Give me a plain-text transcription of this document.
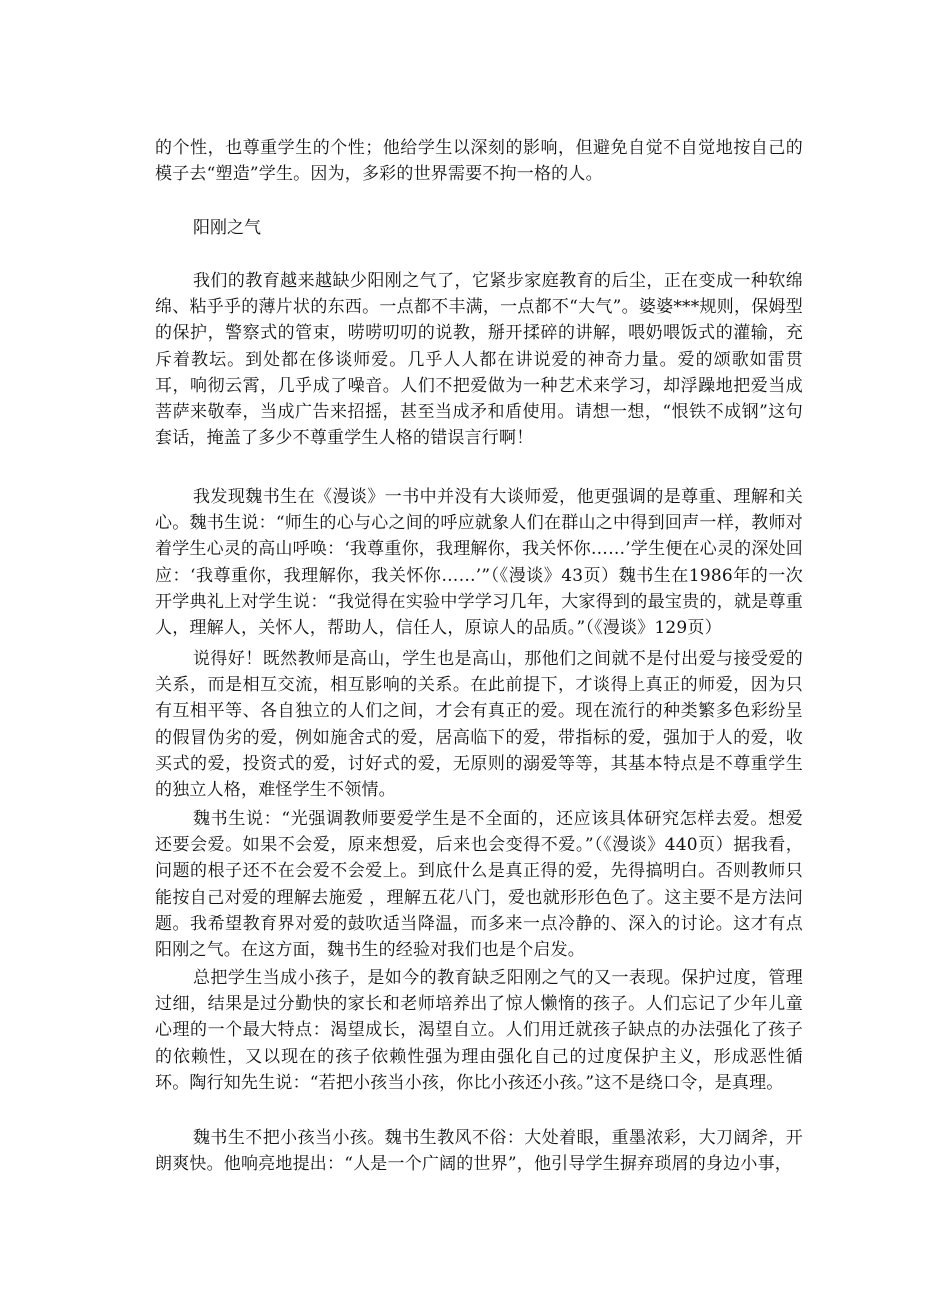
的个性，也尊重学生的个性；他给学生以深刻的影响，但避免自觉不自觉地按自己的模子去“塑造”学生。因为，多彩的世界需要不拘一格的人。

阳刚之气

我们的教育越来越缺少阳刚之气了，它紧步家庭教育的后尘，正在变成一种软绵绵、粘乎乎的薄片状的东西。一点都不丰满，一点都不“大气”。婆婆***规则，保姆型的保护，警察式的管束，唠唠叨叨的说教，掰开揉碎的讲解，喂奶喂饭式的灌输，充斥着教坛。到处都在侈谈师爱。几乎人人都在讲说爱的神奇力量。爱的颂歌如雷贯耳，响彻云霄，几乎成了噪音。人们不把爱做为一种艺术来学习，却浮躁地把爱当成菩萨来敬奉，当成广告来招摇，甚至当成矛和盾使用。请想一想，“恨铁不成钢”这句套话，掩盖了多少不尊重学生人格的错误言行啊！

我发现魏书生在《漫谈》一书中并没有大谈师爱，他更强调的是尊重、理解和关心。魏书生说：“师生的心与心之间的呼应就象人们在群山之中得到回声一样，教师对着学生心灵的高山呼唤：‘我尊重你，我理解你，我关怀你……’学生便在心灵的深处回应：‘我尊重你，我理解你，我关怀你……’”（《漫谈》43页）魏书生在1986年的一次开学典礼上对学生说：“我觉得在实验中学学习几年，大家得到的最宝贵的，就是尊重人，理解人，关怀人，帮助人，信任人，原谅人的品质。”（《漫谈》129页）

说得好！既然教师是高山，学生也是高山，那他们之间就不是付出爱与接受爱的关系，而是相互交流，相互影响的关系。在此前提下，才谈得上真正的师爱，因为只有互相平等、各自独立的人们之间，才会有真正的爱。现在流行的种类繁多色彩纷呈的假冒伪劣的爱，例如施舍式的爱，居高临下的爱，带指标的爱，强加于人的爱，收买式的爱，投资式的爱，讨好式的爱，无原则的溺爱等等，其基本特点是不尊重学生的独立人格，难怪学生不领情。

魏书生说：“光强调教师要爱学生是不全面的，还应该具体研究怎样去爱。想爱还要会爱。如果不会爱，原来想爱，后来也会变得不爱。”（《漫谈》440页）据我看，问题的根子还不在会爱不会爱上。到底什么是真正得的爱，先得搞明白。否则教师只能按自己对爱的理解去施爱 ，理解五花八门，爱也就形形色色了。这主要不是方法问题。我希望教育界对爱的鼓吹适当降温，而多来一点冷静的、深入的讨论。这才有点阳刚之气。在这方面，魏书生的经验对我们也是个启发。

总把学生当成小孩子，是如今的教育缺乏阳刚之气的又一表现。保护过度，管理过细，结果是过分勤快的家长和老师培养出了惊人懒惰的孩子。人们忘记了少年儿童心理的一个最大特点：渴望成长，渴望自立。人们用迁就孩子缺点的办法强化了孩子的依赖性，又以现在的孩子依赖性强为理由强化自己的过度保护主义，形成恶性循环。陶行知先生说：“若把小孩当小孩，你比小孩还小孩。”这不是绕口令，是真理。

魏书生不把小孩当小孩。魏书生教风不俗：大处着眼，重墨浓彩，大刀阔斧，开朗爽快。他响亮地提出：“人是一个广阔的世界”，他引导学生摒弃琐屑的身边小事，
